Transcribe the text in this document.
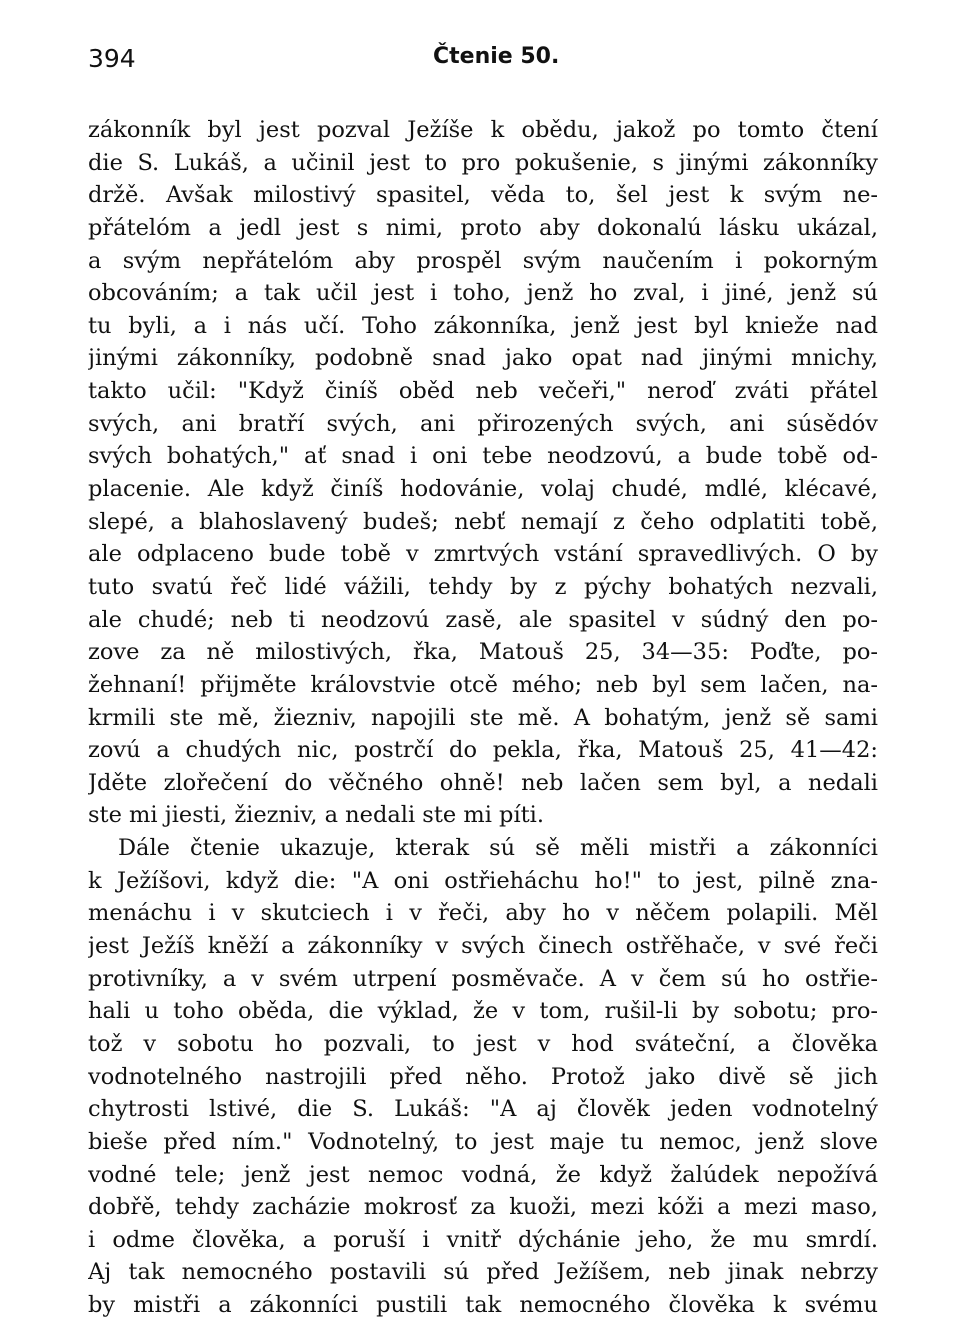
394	Čtenie 50.
zákonník byl jest pozval Ježíše k obědu, jakož po tomto čtení
die S. Lukáš, a učinil jest to pro pokušenie, s jinými zákonníky
držě. Avšak milostivý spasitel, věda to, šel jest k svým ne-
přátelóm a jedl jest s nimi, proto aby dokonalú lásku ukázal,
a svým nepřátelóm aby prospěl svým naučením i pokorným
obcováním; a tak učil jest i toho, jenž ho zval, i jiné, jenž sú
tu byli, a i nás učí. Toho zákonníka, jenž jest byl knieže nad
jinými zákonníky, podobně snad jako opat nad jinými mnichy,
takto učil: "Když činíš oběd neb večeři," neroď zváti přátel
svých, ani bratří svých, ani přirozených svých, ani súsědóv
svých bohatých," ať snad i oni tebe neodzovú, a bude tobě od-
placenie. Ale když činíš hodovánie, volaj chudé, mdlé, klécavé,
slepé, a blahoslavený budeš; nebť nemají z čeho odplatiti tobě,
ale odplaceno bude tobě v zmrtvých vstání spravedlivých. O by
tuto svatú řeč lidé vážili, tehdy by z pýchy bohatých nezvali,
ale chudé; neb ti neodzovú zasě, ale spasitel v súdný den po-
zove za ně milostivých, řka, Matouš 25, 34—35: Poďte, po-
žehnaní! přijměte královstvie otcě mého; neb byl sem lačen, na-
krmili ste mě, žiezniv, napojili ste mě. A bohatým, jenž sě sami
zovú a chudých nic, postrčí do pekla, řka, Matouš 25, 41—42:
Jděte zlořečení do věčného ohně! neb lačen sem byl, a nedali
ste mi jiesti, žiezniv, a nedali ste mi píti.
Dále čtenie ukazuje, kterak sú sě měli mistři a zákonníci
k Ježíšovi, když die: "A oni ostřieháchu ho!" to jest, pilně zna-
menáchu i v skutciech i v řeči, aby ho v něčem polapili. Měl
jest Ježíš kněží a zákonníky v svých činech ostřěhače, v své řeči
protivníky, a v svém utrpení posměvače. A v čem sú ho ostřie-
hali u toho oběda, die výklad, že v tom, rušil-li by sobotu; pro-
tož v sobotu ho pozvali, to jest v hod sváteční, a člověka
vodnotelného nastrojili před něho. Protož jako divě sě jich
chytrosti lstivé, die S. Lukáš: "A aj člověk jeden vodnotelný
bieše před ním." Vodnotelný, to jest maje tu nemoc, jenž slove
vodné tele; jenž jest nemoc vodná, že když žalúdek nepožívá
dobřě, tehdy zacházie mokrosť za kuoži, mezi kóži a mezi maso,
i odme člověka, a poruší i vnitř dýchánie jeho, že mu smrdí.
Aj tak nemocného postavili sú před Ježíšem, neb jinak nebrzy
by mistři a zákonníci pustili tak nemocného člověka k svému
